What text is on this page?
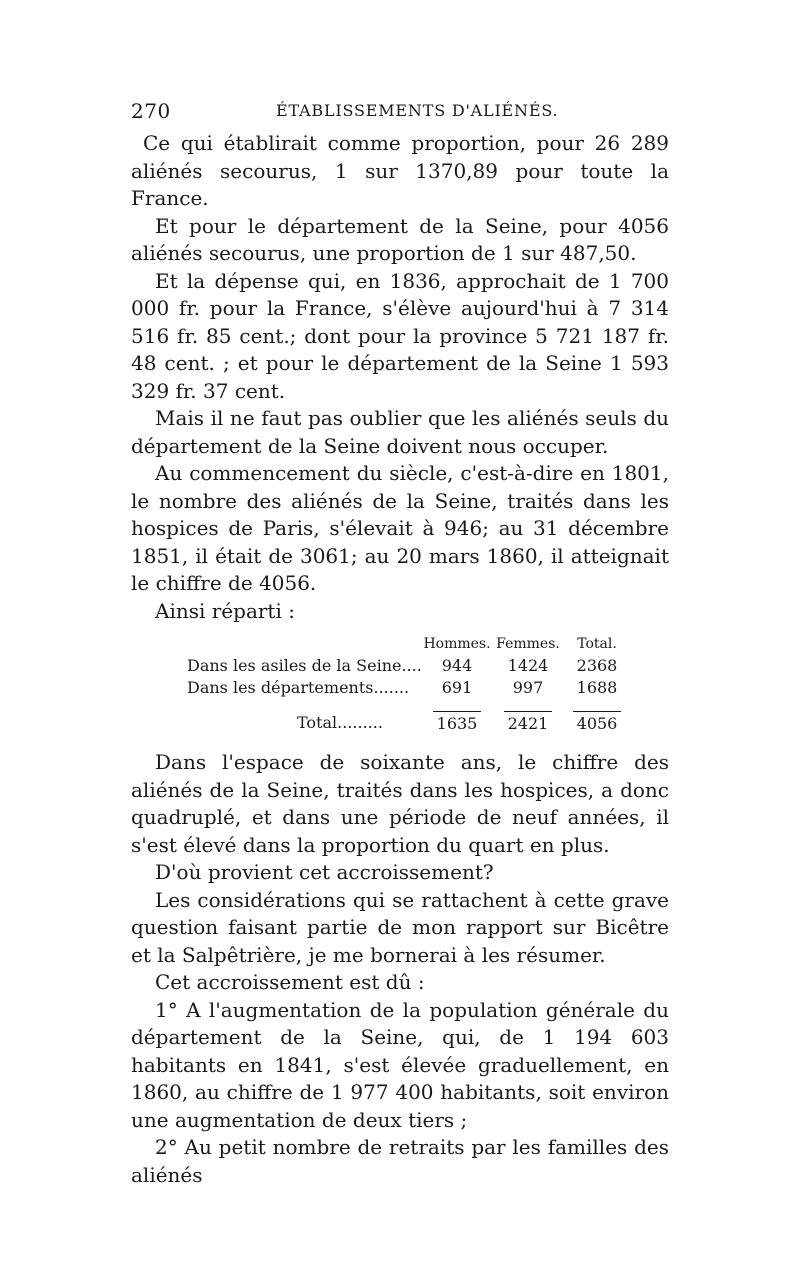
270	ÉTABLISSEMENTS D'ALIÉNÉS.

Ce qui établirait comme proportion, pour 26 289 aliénés secourus, 1 sur 1370,89 pour toute la France.

Et pour le département de la Seine, pour 4056 aliénés secourus, une proportion de 1 sur 487,50.

Et la dépense qui, en 1836, approchait de 1 700 000 fr. pour la France, s'élève aujourd'hui à 7 314 516 fr. 85 cent.; dont pour la province 5 721 187 fr. 48 cent. ; et pour le département de la Seine 1 593 329 fr. 37 cent.

Mais il ne faut pas oublier que les aliénés seuls du département de la Seine doivent nous occuper.

Au commencement du siècle, c'est-à-dire en 1801, le nombre des aliénés de la Seine, traités dans les hospices de Paris, s'élevait à 946; au 31 décembre 1851, il était de 3061; au 20 mars 1860, il atteignait le chiffre de 4056.

Ainsi réparti :

	Hommes.	Femmes.	Total.
Dans les asiles de la Seine....	944	1424	2368
Dans les départements.......	691	997	1688
Total.........	1635	2421	4056

Dans l'espace de soixante ans, le chiffre des aliénés de la Seine, traités dans les hospices, a donc quadruplé, et dans une période de neuf années, il s'est élevé dans la proportion du quart en plus.

D'où provient cet accroissement?

Les considérations qui se rattachent à cette grave question faisant partie de mon rapport sur Bicêtre et la Salpêtrière, je me bornerai à les résumer.

Cet accroissement est dû :

1° A l'augmentation de la population générale du département de la Seine, qui, de 1 194 603 habitants en 1841, s'est élevée graduellement, en 1860, au chiffre de 1 977 400 habitants, soit environ une augmentation de deux tiers ;

2° Au petit nombre de retraits par les familles des aliénés
